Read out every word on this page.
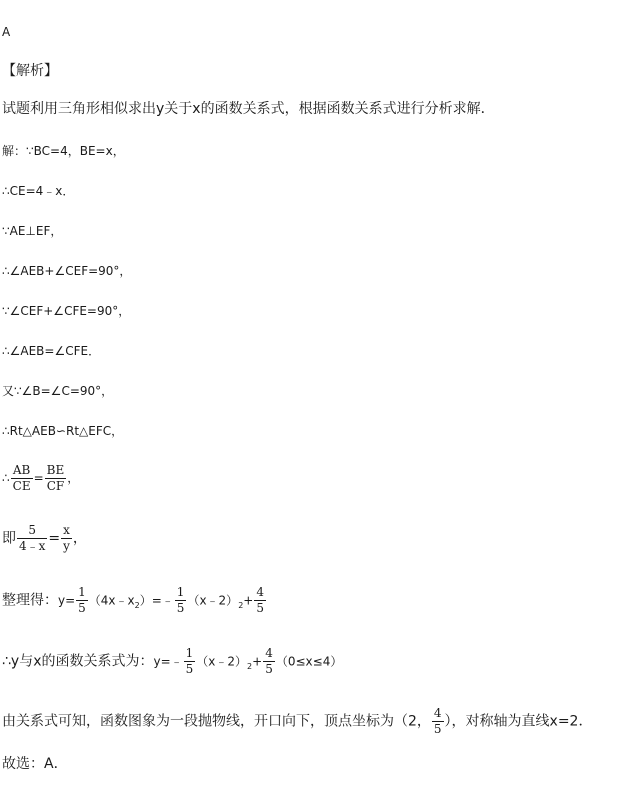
A
【解析】
试题利用三角形相似求出y关于x的函数关系式，根据函数关系式进行分析求解．
解：∵BC=4，BE=x，
∴CE=4﹣x．
∵AE⊥EF，
∴∠AEB+∠CEF=90°，
∵∠CEF+∠CFE=90°，
∴∠AEB=∠CFE．
又∵∠B=∠C=90°，
∴Rt△AEB∽Rt△EFC，
∴ $\frac{AB}{CE} = \frac{BE}{CF}$ ，
即 $\frac{5}{4﹣x} = \frac{x}{y}$ ，
整理得：$y= \frac{1}{5}$ $(4x﹣x_2)=﹣ \frac{1}{5}$ $(x﹣2)_2+ \frac{4}{5}$
∴y与x的函数关系式为：y=﹣ $\frac{1}{5}$ $(x﹣2)_2+ \frac{4}{5} (0\le x\le 4)$
由关系式可知，函数图象为一段抛物线，开口向下，顶点坐标为（2， $\frac{4}{5}$ ），对称轴为直线x=2．
故选：A．
